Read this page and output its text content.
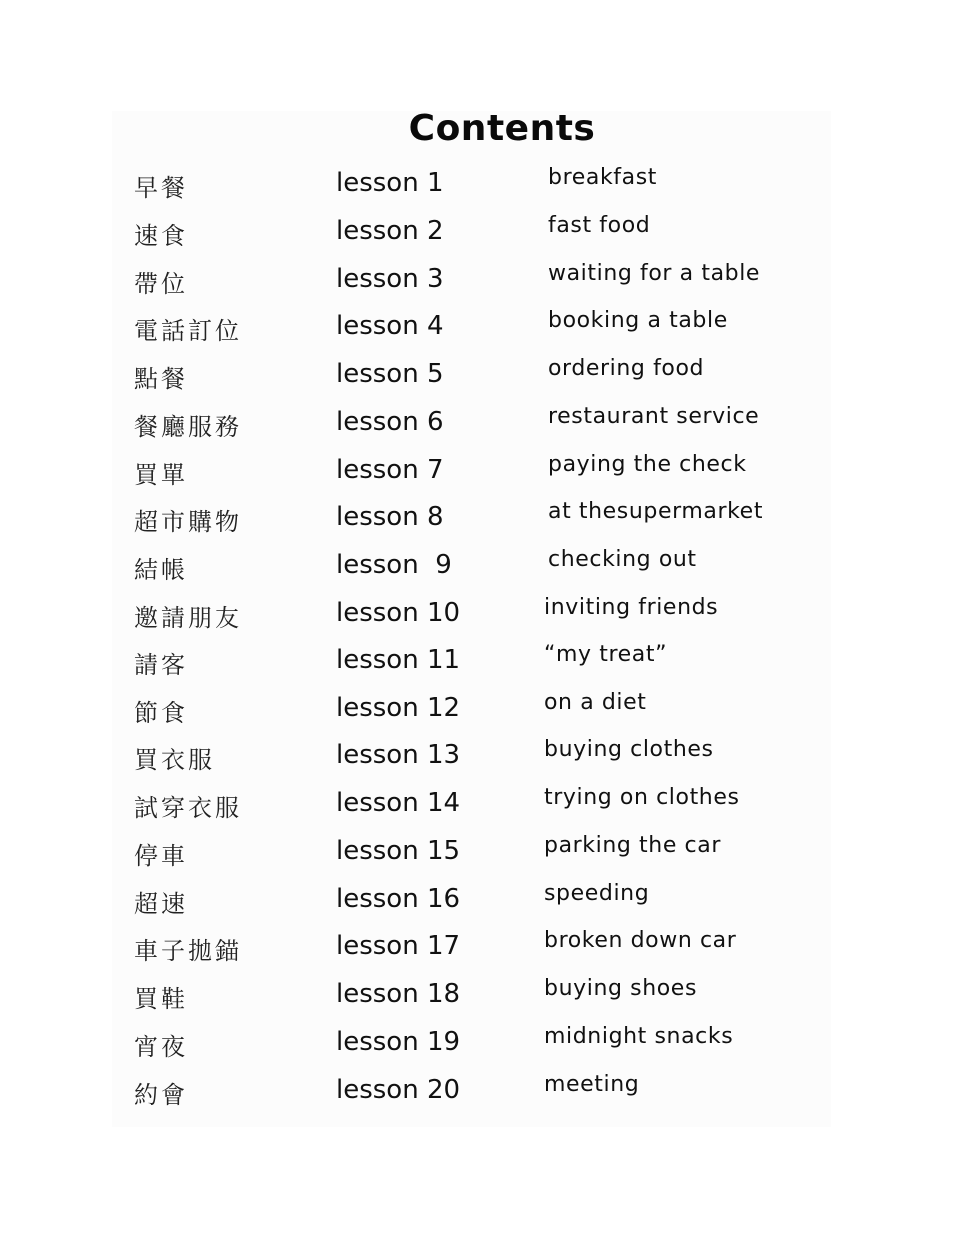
Contents
早餐	lesson 1	breakfast
速食	lesson 2	fast food
帶位	lesson 3	waiting for a table
電話訂位	lesson 4	booking a table
點餐	lesson 5	ordering food
餐廳服務	lesson 6	restaurant service
買單	lesson 7	paying the check
超市購物	lesson 8	at thesupermarket
結帳	lesson  9	checking out
邀請朋友	lesson 10	inviting friends
請客	lesson 11	“my treat”
節食	lesson 12	on a diet
買衣服	lesson 13	buying clothes
試穿衣服	lesson 14	trying on clothes
停車	lesson 15	parking the car
超速	lesson 16	speeding
車子拋錨	lesson 17	broken down car
買鞋	lesson 18	buying shoes
宵夜	lesson 19	midnight snacks
約會	lesson 20	meeting
